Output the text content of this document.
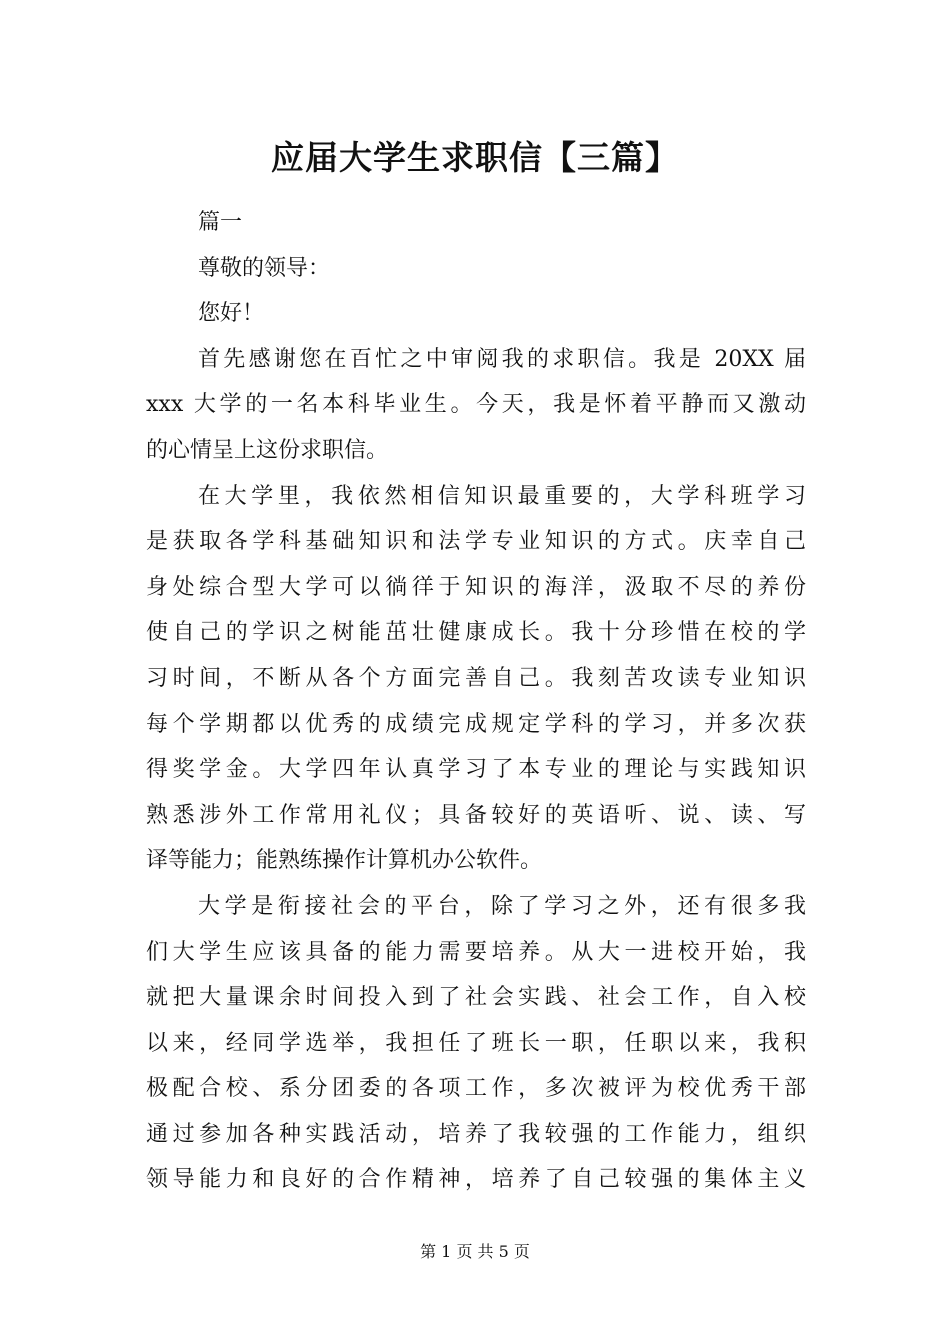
应届大学生求职信【三篇】
篇一
尊敬的领导：
您好！
首先感谢您在百忙之中审阅我的求职信。我是 20XX 届
xxx 大学的一名本科毕业生。今天，我是怀着平静而又激动
的心情呈上这份求职信。
在大学里，我依然相信知识最重要的，大学科班学习
是获取各学科基础知识和法学专业知识的方式。庆幸自己
身处综合型大学可以徜徉于知识的海洋，汲取不尽的养份
使自己的学识之树能茁壮健康成长。我十分珍惜在校的学
习时间，不断从各个方面完善自己。我刻苦攻读专业知识
每个学期都以优秀的成绩完成规定学科的学习，并多次获
得奖学金。大学四年认真学习了本专业的理论与实践知识
熟悉涉外工作常用礼仪；具备较好的英语听、说、读、写
译等能力；能熟练操作计算机办公软件。
大学是衔接社会的平台，除了学习之外，还有很多我
们大学生应该具备的能力需要培养。从大一进校开始，我
就把大量课余时间投入到了社会实践、社会工作，自入校
以来，经同学选举，我担任了班长一职，任职以来，我积
极配合校、系分团委的各项工作，多次被评为校优秀干部
通过参加各种实践活动，培养了我较强的工作能力，组织
领导能力和良好的合作精神，培养了自己较强的集体主义
第 1 页 共 5 页
